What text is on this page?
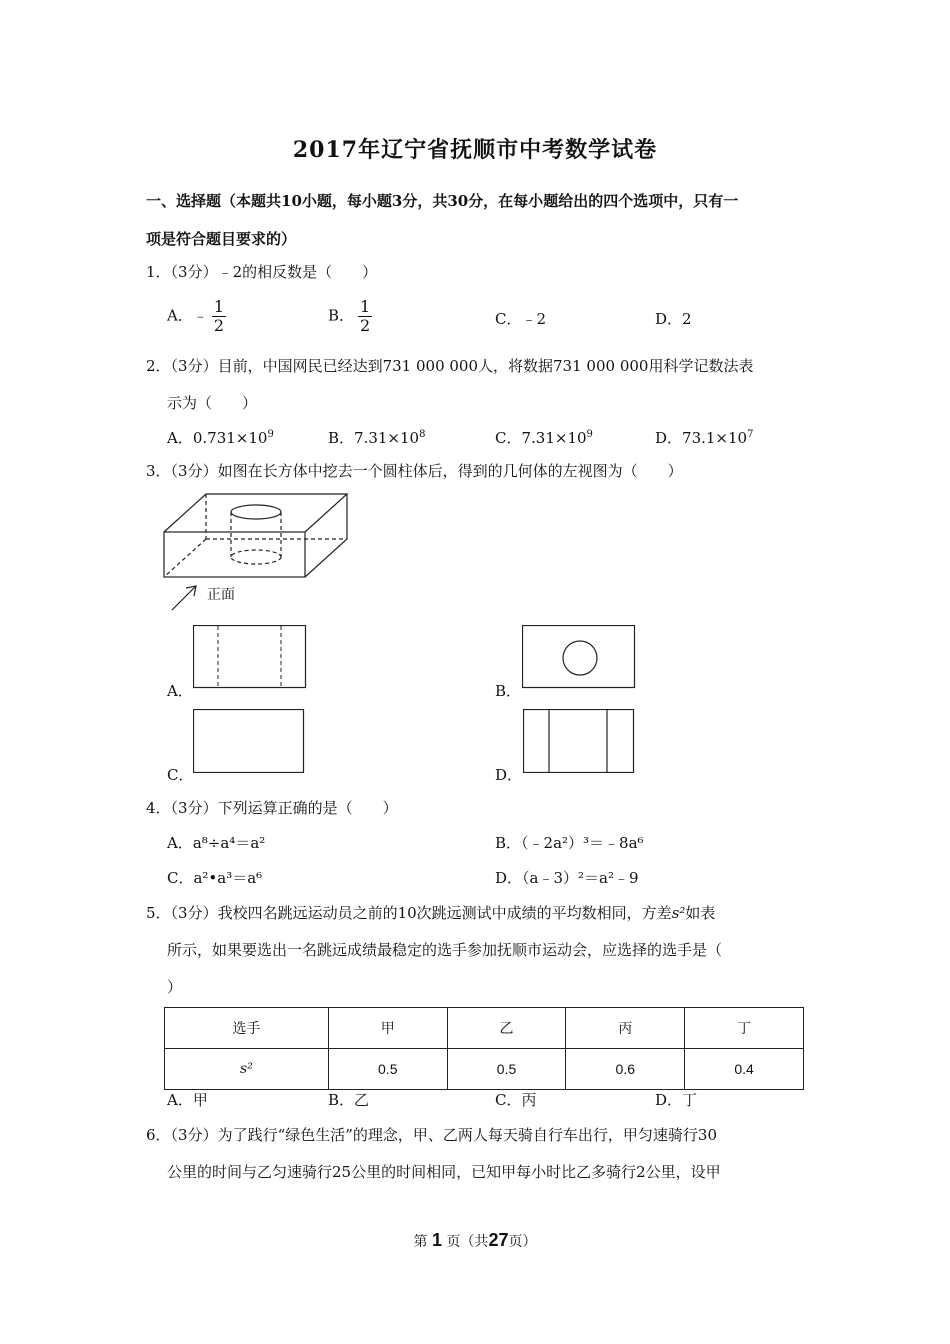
2017年辽宁省抚顺市中考数学试卷
一、选择题（本题共10小题，每小题3分，共30分，在每小题给出的四个选项中，只有一
项是符合题目要求的）
1．（3分）﹣2的相反数是（　　）
A．﹣ $\frac{1}{2}$	B． $\frac{1}{2}$	C．﹣2	D．2
2．（3分）目前，中国网民已经达到731 000 000人，将数据731 000 000用科学记数法表
示为（　　）
A．$0.731\times 10^9$	B．$7.31\times 10^8$	C．$7.31\times 10^9$	D．$73.1\times 10^7$
3．（3分）如图在长方体中挖去一个圆柱体后，得到的几何体的左视图为（　　）
正面
A．	B．
C．	D．
4．（3分）下列运算正确的是（　　）
A．a⁸÷a⁴＝a²	B．（﹣2a²）³＝﹣8a⁶
C．a²•a³＝a⁶	D．（a﹣3）²＝a²﹣9
5．（3分）我校四名跳远运动员之前的10次跳远测试中成绩的平均数相同，方差s²如表
所示，如果要选出一名跳远成绩最稳定的选手参加抚顺市运动会，应选择的选手是（
）
选手	甲	乙	丙	丁
s²	0.5	0.5	0.6	0.4
A．甲	B．乙	C．丙	D．丁
6．（3分）为了践行“绿色生活”的理念，甲、乙两人每天骑自行车出行，甲匀速骑行30
公里的时间与乙匀速骑行25公里的时间相同，已知甲每小时比乙多骑行2公里，设甲
第 1 页（共27页）
